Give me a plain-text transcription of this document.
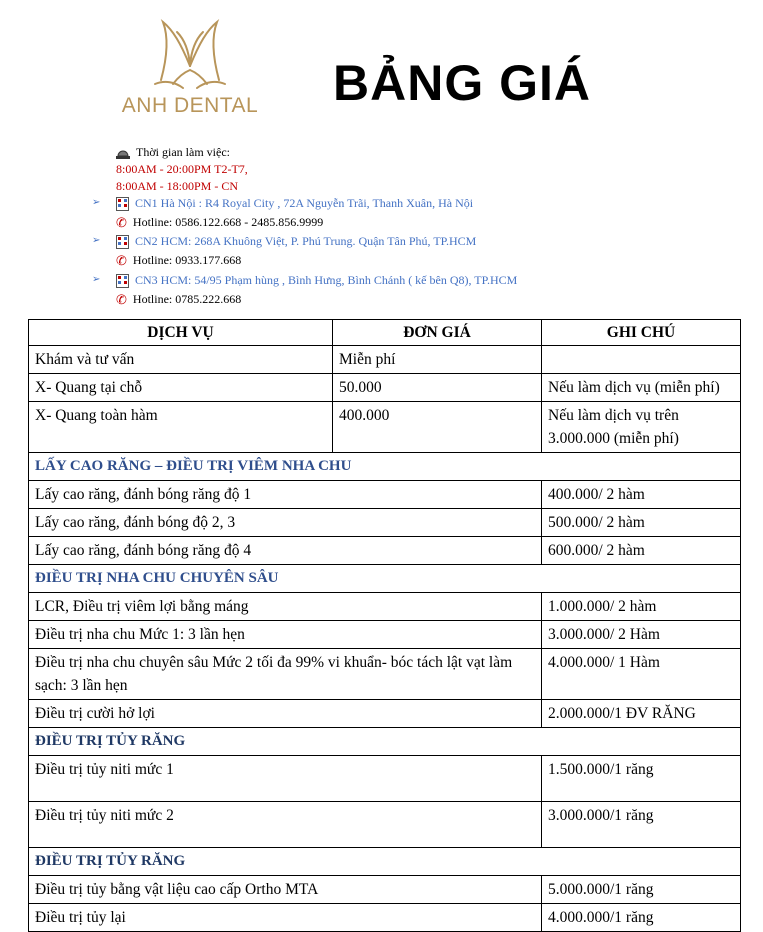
ANH DENTAL BẢNG GIÁ
Thời gian làm việc:
8:00AM - 20:00PM T2-T7,
8:00AM - 18:00PM - CN
➢	CN1 Hà Nội : R4 Royal City , 72A Nguyễn Trãi, Thanh Xuân, Hà Nội
✆ Hotline: 0586.122.668 - 2485.856.9999
➢	CN2 HCM: 268A Khuông Việt, P. Phú Trung. Quận Tân Phú, TP.HCM
✆ Hotline: 0933.177.668
➢	CN3 HCM: 54/95 Phạm hùng , Bình Hưng, Bình Chánh ( kế bên Q8), TP.HCM
✆ Hotline: 0785.222.668
DỊCH VỤ	ĐƠN GIÁ	GHI CHÚ
Khám và tư vấn	Miễn phí	
X- Quang tại chỗ	50.000	Nếu làm dịch vụ (miễn phí)
X- Quang toàn hàm	400.000	Nếu làm dịch vụ trên 3.000.000 (miễn phí)
LẤY CAO RĂNG – ĐIỀU TRỊ VIÊM NHA CHU		
Lấy cao răng, đánh bóng răng độ 1		400.000/ 2 hàm
Lấy cao răng, đánh bóng độ 2, 3		500.000/ 2 hàm
Lấy cao răng, đánh bóng răng độ 4		600.000/ 2 hàm
ĐIỀU TRỊ NHA CHU CHUYÊN SÂU		
LCR, Điều trị viêm lợi bằng máng		1.000.000/ 2 hàm
Điều trị nha chu Mức 1: 3 lần hẹn		3.000.000/ 2 Hàm
Điều trị nha chu chuyên sâu Mức 2 tối đa 99% vi khuẩn- bóc tách lật vạt làm sạch: 3 lần hẹn		4.000.000/ 1 Hàm
Điều trị cười hở lợi		2.000.000/1 ĐV RĂNG
ĐIỀU TRỊ TỦY RĂNG		
Điều trị tủy niti mức 1		1.500.000/1 răng
Điều trị tủy niti mức 2		3.000.000/1 răng
ĐIỀU TRỊ TỦY RĂNG		
Điều trị tủy bằng vật liệu cao cấp Ortho MTA		5.000.000/1 răng
Điều trị tủy lại		4.000.000/1 răng
